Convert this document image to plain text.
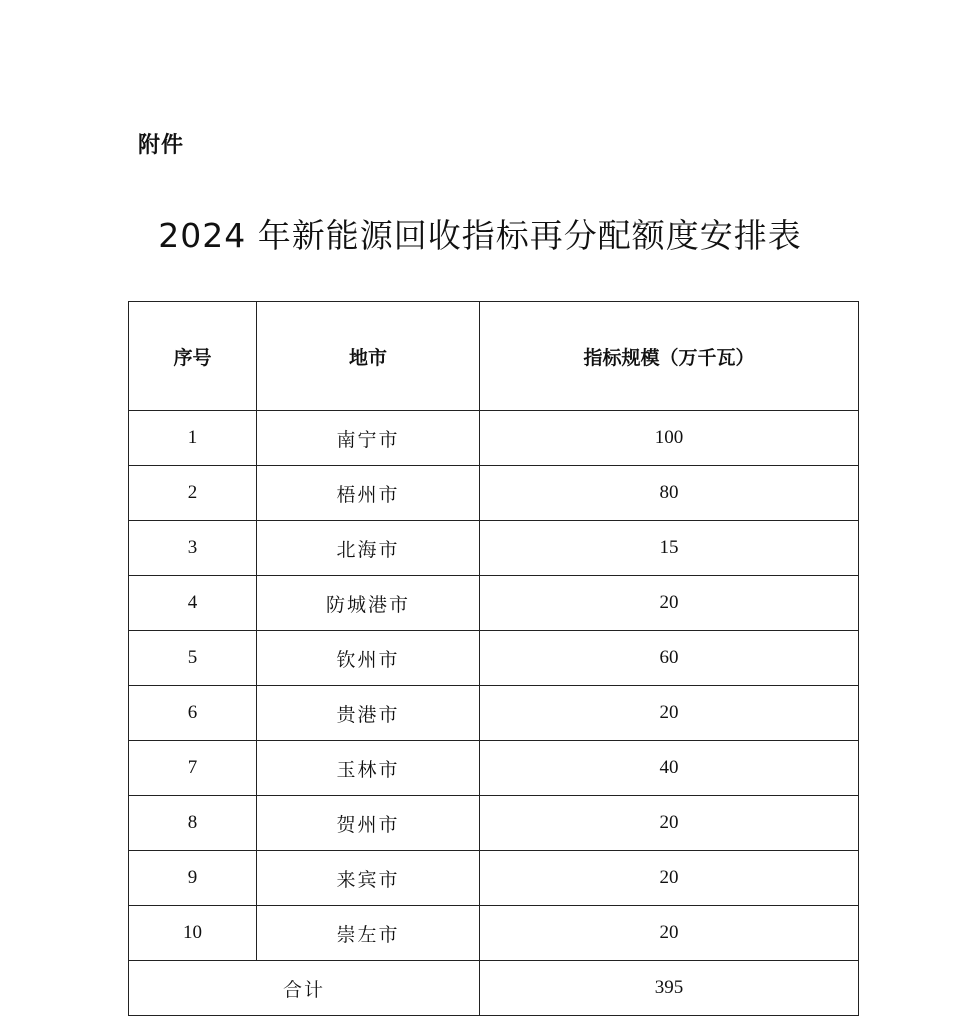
附件
2024 年新能源回收指标再分配额度安排表
序号	地市	指标规模（万千瓦）
1	南宁市	100
2	梧州市	80
3	北海市	15
4	防城港市	20
5	钦州市	60
6	贵港市	20
7	玉林市	40
8	贺州市	20
9	来宾市	20
10	崇左市	20
合计		395
